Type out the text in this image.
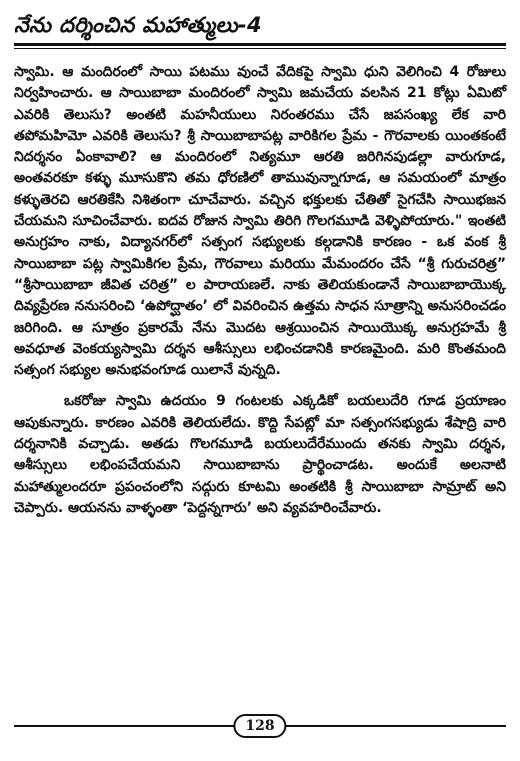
నేను దర్శించిన మహాత్ములు-4

స్వామి. ఆ మందిరంలో సాయి పటము వుంచే వేదికపై స్వామి ధుని వెలిగించి 4 రోజులు నిర్వహించారు. ఆ సాయిబాబా మందిరంలో స్వామి జమచేయ వలసిన 21 కోట్లు ఏమిటో ఎవరికి తెలుసు? అంతటి మహనీయులు నిరంతరము చేసే జపసంఖ్య లేక వారి తపోమహిమో ఎవరికి తెలుసు? శ్రీ సాయిబాబాపట్ల వారికిగల ప్రేమ - గౌరవాలకు యింతకంటే నిదర్శనం ఏంకావాలి? ఆ మందిరంలో నిత్యమూ ఆరతి జరిగినపుడల్లా వారుగూడ, అంతవరకూ కళ్ళు మూసుకొని తమ ధోరణిలో తామువున్నాగూడ, ఆ సమయంలో మాత్రం కళ్ళుతెరచి ఆరతికేసి నిశితంగా చూచేవారు. వచ్చిన భక్తులకు చేతితో సైగచేసి సాయిభజన చేయమని సూచించేవారు. ఐదవ రోజున స్వామి తిరిగి గొలగమూడి వెళ్ళిపోయారు." ఇంతటి అనుగ్రహం నాకు, విద్యానగర్‌లో సత్సంగ సభ్యులకు కల్గడానికి కారణం - ఒక వంక శ్రీ సాయిబాబా పట్ల స్వామికిగల ప్రేమ, గౌరవాలు మరియు మేమందరం చేసే “శ్రీ గురుచరిత్ర” “శ్రీసాయిబాబా జీవిత చరిత్ర” ల పారాయణలే. నాకు తెలియకుండానే సాయిబాబాయొక్క దివ్యప్రేరణ ననుసరించి ‘ఉపోద్ఘాతం’ లో వివరించిన ఉత్తమ సాధన సూత్రాన్ని అనుసరించడం జరిగింది. ఆ సూత్రం ప్రకారమే నేను మొదట ఆశ్రయించిన సాయియొక్క అనుగ్రహమే శ్రీ అవధూత వెంకయ్యస్వామి దర్శన ఆశీస్సులు లభించడానికి కారణమైంది. మరి కొంతమంది సత్సంగ సభ్యుల అనుభవంగూడ యిలానే వున్నది.

ఒకరోజు స్వామి ఉదయం 9 గంటలకు ఎక్కడికో బయలుదేరి గూడ ప్రయాణం ఆపుకున్నారు. కారణం ఎవరికి తెలియలేదు. కొద్ది సేపట్లో మా సత్సంగసభ్యుడు శేషాద్రి వారి దర్శనానికి వచ్చాడు. అతడు గొలగమూడి బయలుదేరేముందు తనకు స్వామి దర్శన, ఆశీస్సులు లభింపచేయమని సాయిబాబాను ప్రార్థించాడట. అందుకే అలనాటి మహాత్ములందరూ ప్రపంచంలోని సద్గురు కూటమి అంతటికి శ్రీ సాయిబాబా సామ్రాట్ అని చెప్పారు. ఆయనను వాళ్ళంతా ‘పెద్దన్నగారు’ అని వ్యవహరించేవారు.

128
